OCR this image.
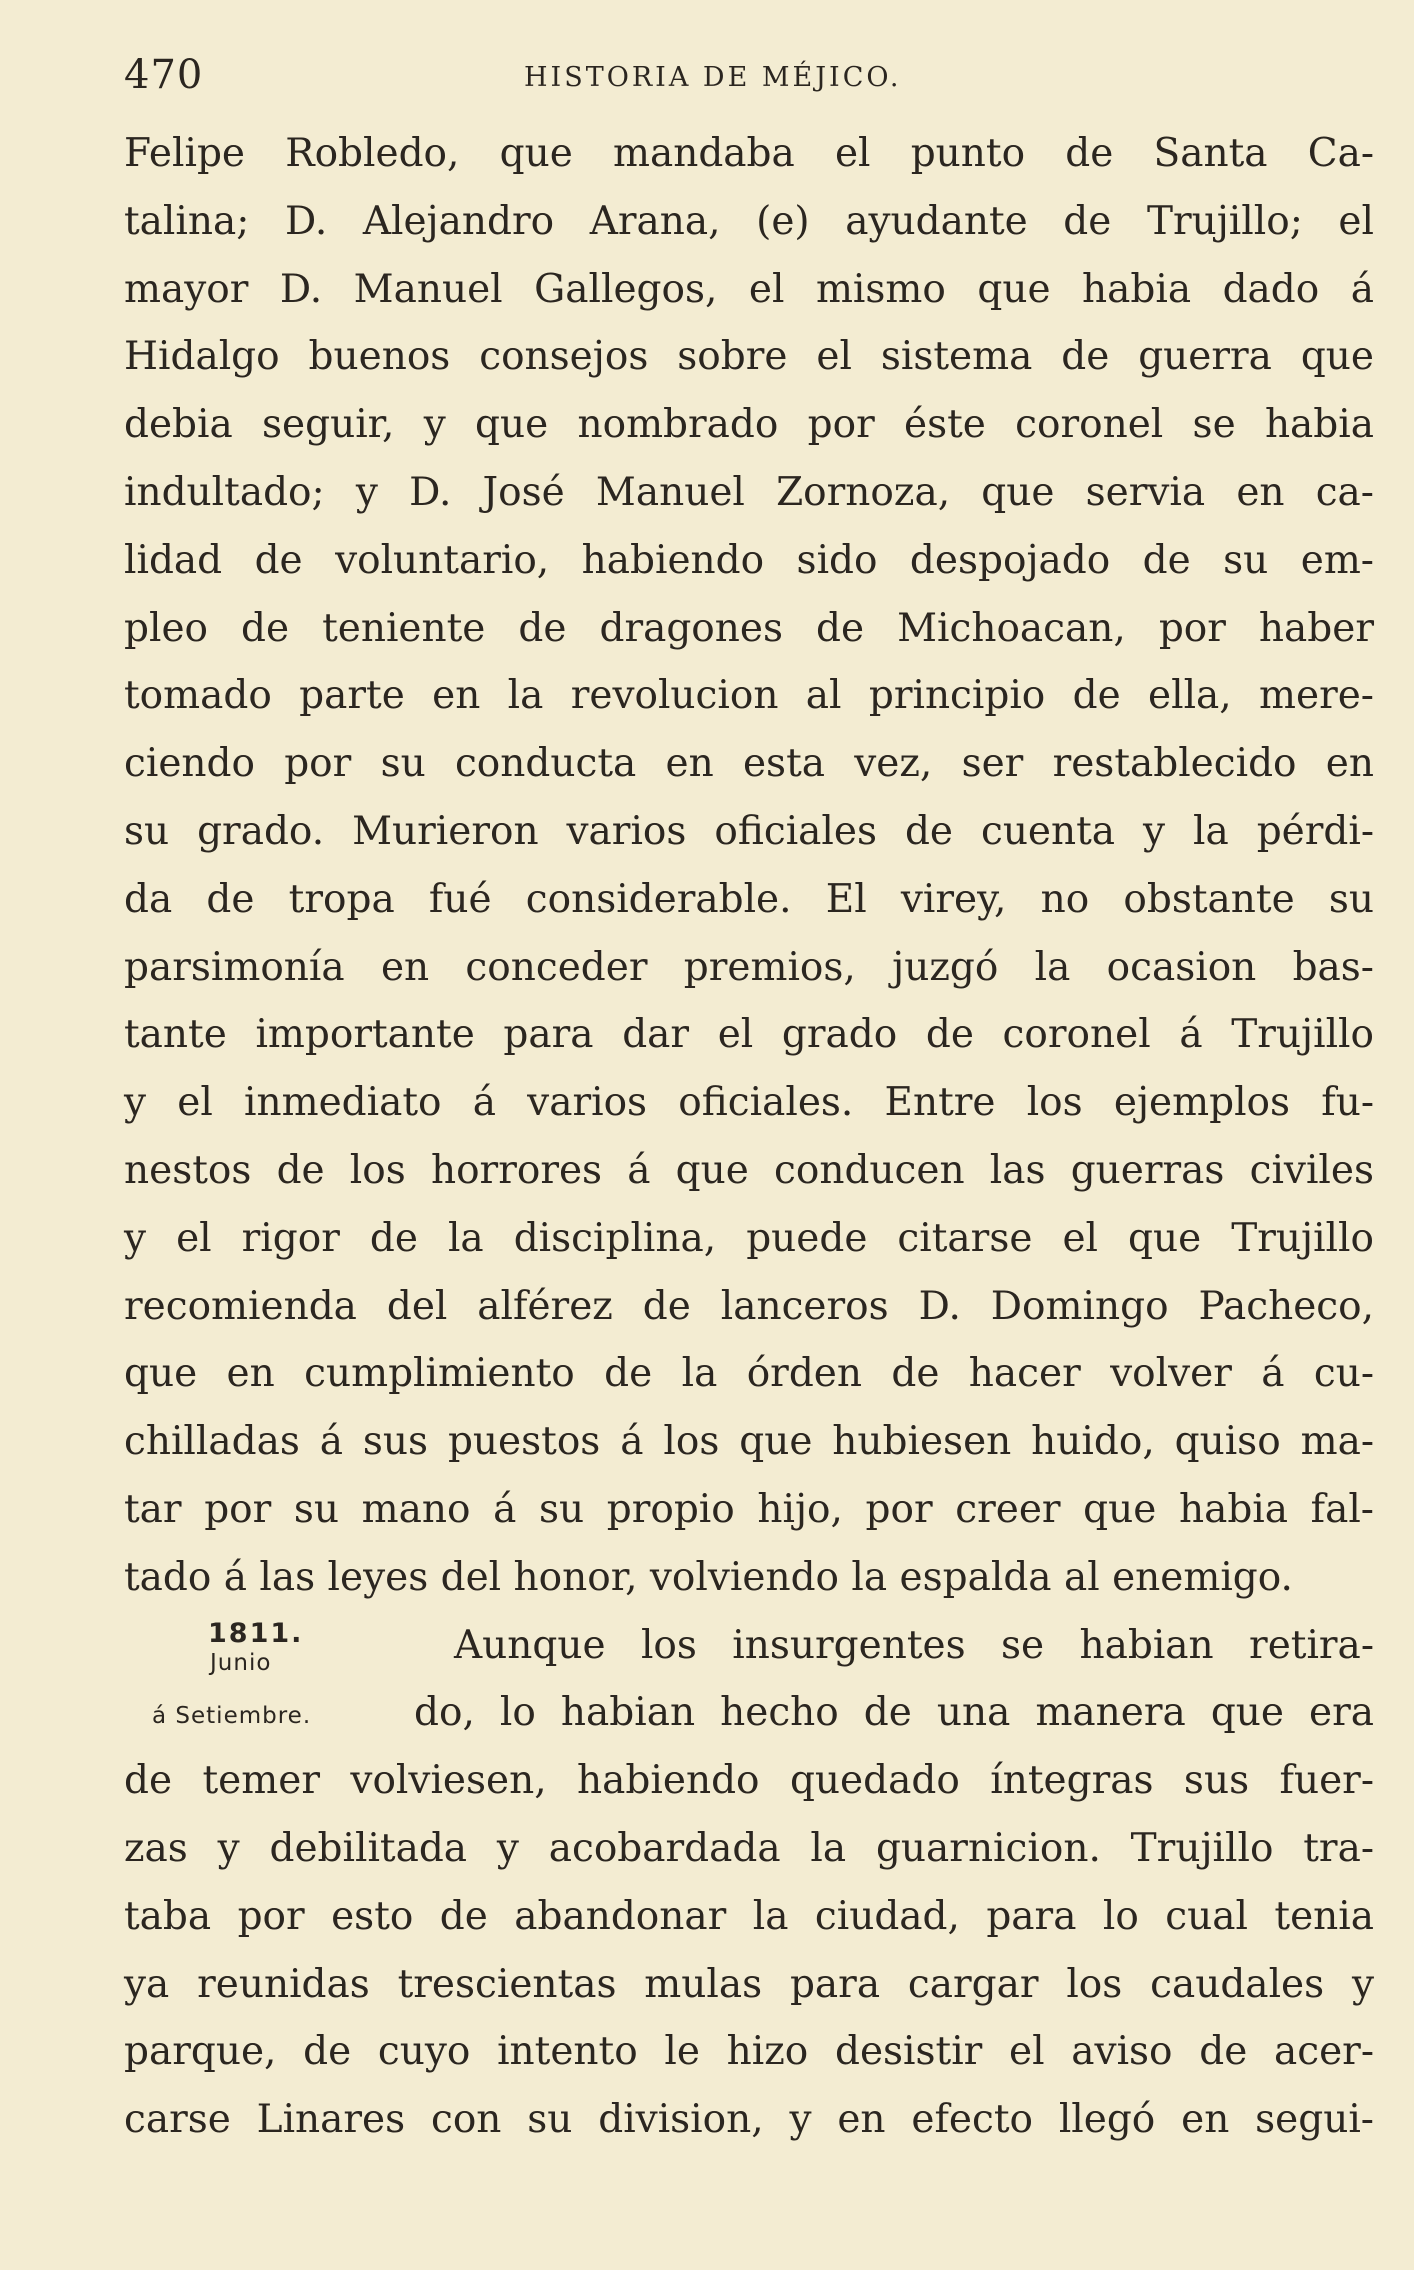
470	HISTORIA DE MÉJICO.
Felipe Robledo, que mandaba el punto de Santa Ca-
talina; D. Alejandro Arana, (e) ayudante de Trujillo; el
mayor D. Manuel Gallegos, el mismo que habia dado á
Hidalgo buenos consejos sobre el sistema de guerra que
debia seguir, y que nombrado por éste coronel se habia
indultado; y D. José Manuel Zornoza, que servia en ca-
lidad de voluntario, habiendo sido despojado de su em-
pleo de teniente de dragones de Michoacan, por haber
tomado parte en la revolucion al principio de ella, mere-
ciendo por su conducta en esta vez, ser restablecido en
su grado. Murieron varios oficiales de cuenta y la pérdi-
da de tropa fué considerable. El virey, no obstante su
parsimonía en conceder premios, juzgó la ocasion bas-
tante importante para dar el grado de coronel á Trujillo
y el inmediato á varios oficiales. Entre los ejemplos fu-
nestos de los horrores á que conducen las guerras civiles
y el rigor de la disciplina, puede citarse el que Trujillo
recomienda del alférez de lanceros D. Domingo Pacheco,
que en cumplimiento de la órden de hacer volver á cu-
chilladas á sus puestos á los que hubiesen huido, quiso ma-
tar por su mano á su propio hijo, por creer que habia fal-
tado á las leyes del honor, volviendo la espalda al enemigo.
1811.
Junio	Aunque los insurgentes se habian retira-
á Setiembre.	do, lo habian hecho de una manera que era
de temer volviesen, habiendo quedado íntegras sus fuer-
zas y debilitada y acobardada la guarnicion. Trujillo tra-
taba por esto de abandonar la ciudad, para lo cual tenia
ya reunidas trescientas mulas para cargar los caudales y
parque, de cuyo intento le hizo desistir el aviso de acer-
carse Linares con su division, y en efecto llegó en segui-
